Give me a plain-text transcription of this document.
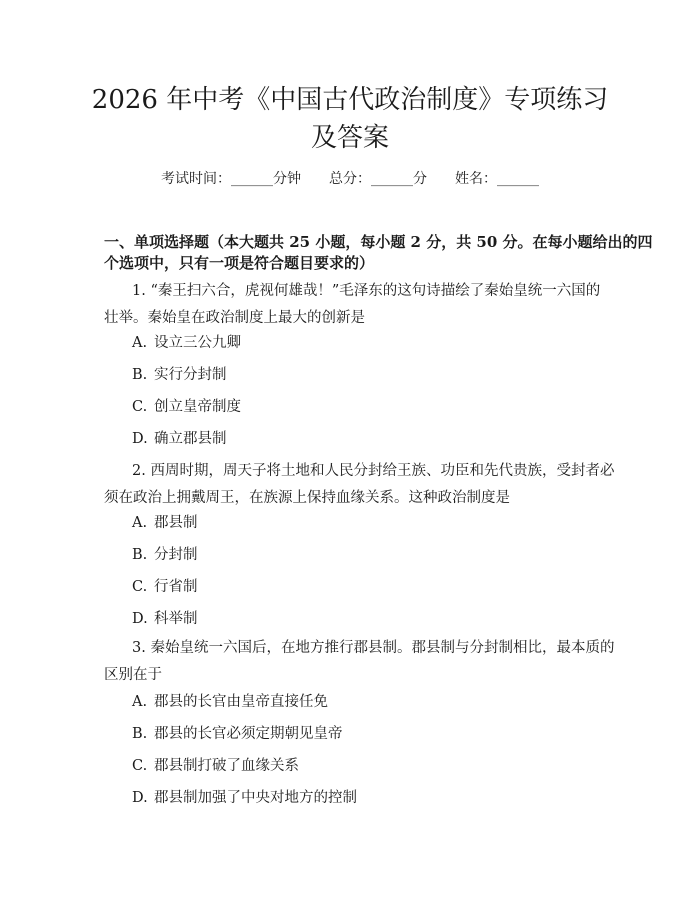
2026 年中考《中国古代政治制度》专项练习
及答案
考试时间：______分钟 总分：______分 姓名：______
一、单项选择题（本大题共 25 小题，每小题 2 分，共 50 分。在每小题给出的四
个选项中，只有一项是符合题目要求的）
1. “秦王扫六合，虎视何雄哉！”毛泽东的这句诗描绘了秦始皇统一六国的
壮举。秦始皇在政治制度上最大的创新是
A. 设立三公九卿
B. 实行分封制
C. 创立皇帝制度
D. 确立郡县制
2. 西周时期，周天子将土地和人民分封给王族、功臣和先代贵族，受封者必
须在政治上拥戴周王，在族源上保持血缘关系。这种政治制度是
A. 郡县制
B. 分封制
C. 行省制
D. 科举制
3. 秦始皇统一六国后，在地方推行郡县制。郡县制与分封制相比，最本质的
区别在于
A. 郡县的长官由皇帝直接任免
B. 郡县的长官必须定期朝见皇帝
C. 郡县制打破了血缘关系
D. 郡县制加强了中央对地方的控制
